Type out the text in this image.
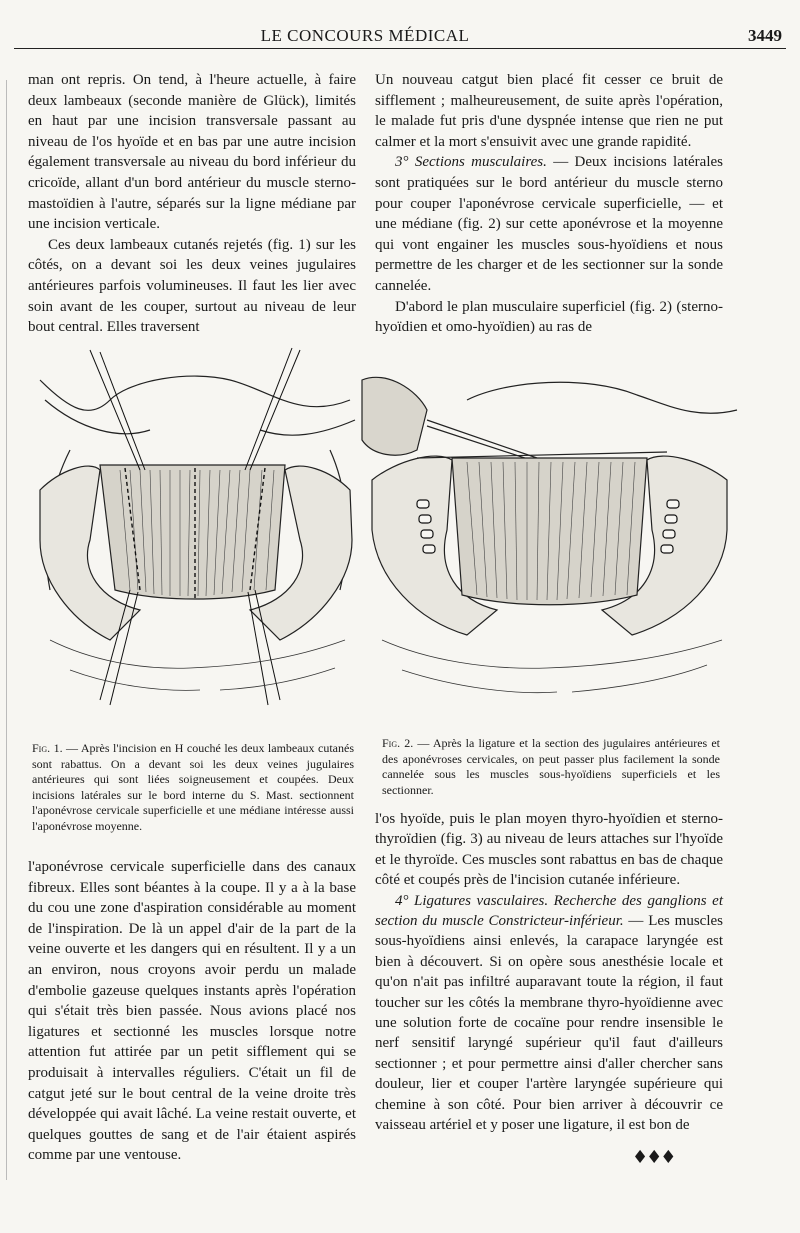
LE CONCOURS MÉDICAL	3449

man ont repris. On tend, à l'heure actuelle, à faire deux lambeaux (seconde manière de Glück), limités en haut par une incision transversale passant au niveau de l'os hyoïde et en bas par une autre incision également transversale au niveau du bord inférieur du cricoïde, allant d'un bord antérieur du muscle sterno-mastoïdien à l'autre, séparés sur la ligne médiane par une incision verticale.

Ces deux lambeaux cutanés rejetés (fig. 1) sur les côtés, on a devant soi les deux veines jugulaires antérieures parfois volumineuses. Il faut les lier avec soin avant de les couper, surtout au niveau de leur bout central. Elles traversent

Un nouveau catgut bien placé fit cesser ce bruit de sifflement ; malheureusement, de suite après l'opération, le malade fut pris d'une dyspnée intense que rien ne put calmer et la mort s'ensuivit avec une grande rapidité.

3° Sections musculaires. — Deux incisions latérales sont pratiquées sur le bord antérieur du muscle sterno pour couper l'aponévrose cervicale superficielle, — et une médiane (fig. 2) sur cette aponévrose et la moyenne qui vont engainer les muscles sous-hyoïdiens et nous permettre de les charger et de les sectionner sur la sonde cannelée.

D'abord le plan musculaire superficiel (fig. 2) (sterno-hyoïdien et omo-hyoïdien) au ras de

Fig. 1. — Après l'incision en H couché les deux lambeaux cutanés sont rabattus. On a devant soi les deux veines jugulaires antérieures qui sont liées soigneusement et coupées. Deux incisions latérales sur le bord interne du S. Mast. sectionnent l'aponévrose cervicale superficielle et une médiane intéresse aussi l'aponévrose moyenne.
Fig. 2. — Après la ligature et la section des jugulaires antérieures et des aponévroses cervicales, on peut passer plus facilement la sonde cannelée sous les muscles sous-hyoïdiens superficiels et les sectionner.

l'aponévrose cervicale superficielle dans des canaux fibreux. Elles sont béantes à la coupe. Il y a à la base du cou une zone d'aspiration considérable au moment de l'inspiration. De là un appel d'air de la part de la veine ouverte et les dangers qui en résultent. Il y a un an environ, nous croyons avoir perdu un malade d'embolie gazeuse quelques instants après l'opération qui s'était très bien passée. Nous avions placé nos ligatures et sectionné les muscles lorsque notre attention fut attirée par un petit sifflement qui se produisait à intervalles réguliers. C'était un fil de catgut jeté sur le bout central de la veine droite très développée qui avait lâché. La veine restait ouverte, et quelques gouttes de sang et de l'air étaient aspirés comme par une ventouse.

l'os hyoïde, puis le plan moyen thyro-hyoïdien et sterno-thyroïdien (fig. 3) au niveau de leurs attaches sur l'hyoïde et le thyroïde. Ces muscles sont rabattus en bas de chaque côté et coupés près de l'incision cutanée inférieure.

4° Ligatures vasculaires. Recherche des ganglions et section du muscle Constricteur-inférieur. — Les muscles sous-hyoïdiens ainsi enlevés, la carapace laryngée est bien à découvert. Si on opère sous anesthésie locale et qu'on n'ait pas infiltré auparavant toute la région, il faut toucher sur les côtés la membrane thyro-hyoïdienne avec une solution forte de cocaïne pour rendre insensible le nerf sensitif laryngé supérieur qu'il faut d'ailleurs sectionner ; et pour permettre ainsi d'aller chercher sans douleur, lier et couper l'artère laryngée supérieure qui chemine à son côté. Pour bien arriver à découvrir ce vaisseau artériel et y poser une ligature, il est bon de

♦♦♦
